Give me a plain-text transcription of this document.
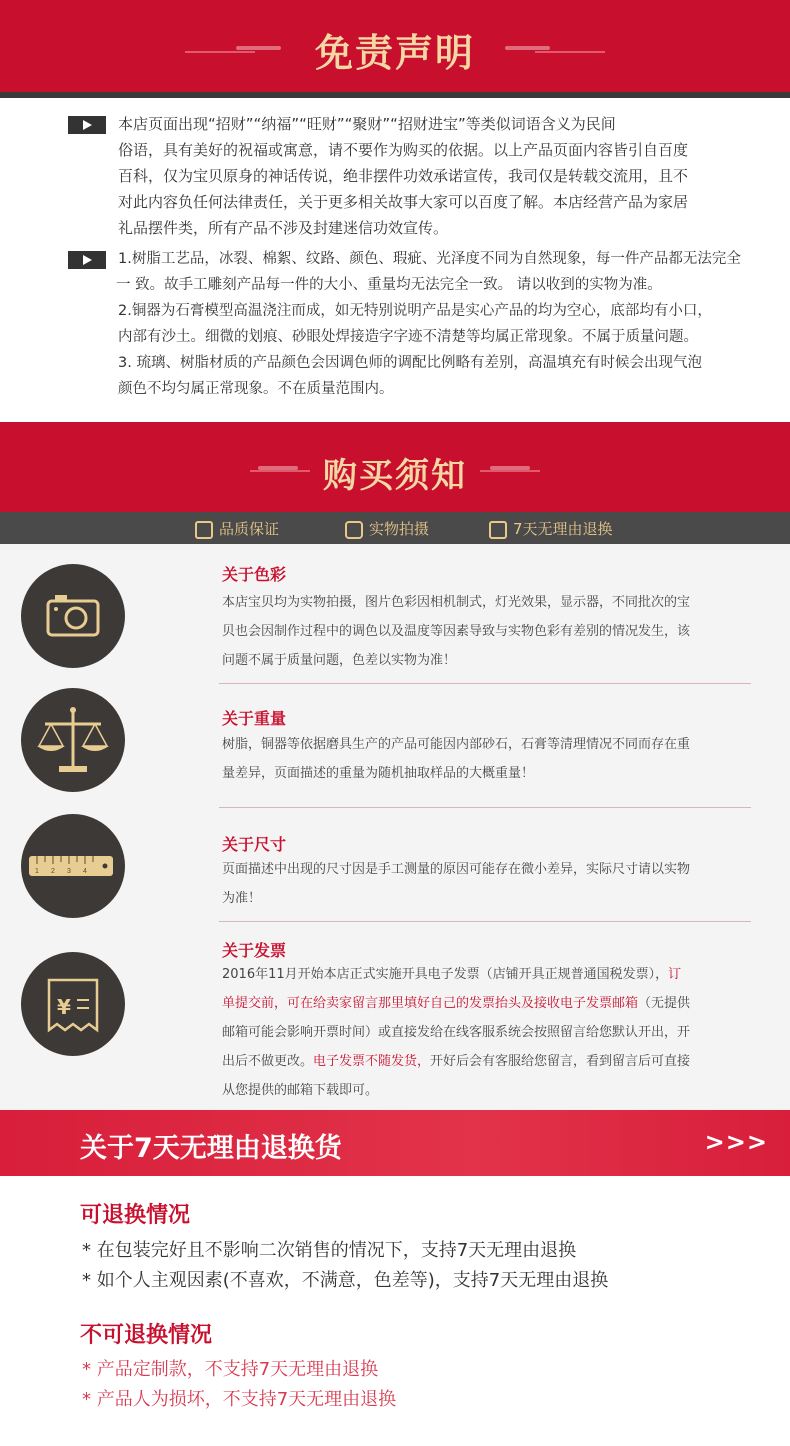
免责声明
本店页面出现“招财”“纳福”“旺财”“聚财”“招财进宝”等类似词语含义为民间
俗语，具有美好的祝福或寓意，请不要作为购买的依据。以上产品页面内容皆引自百度
百科，仅为宝贝原身的神话传说，绝非摆件功效承诺宣传，我司仅是转载交流用，且不
对此内容负任何法律责任，关于更多相关故事大家可以百度了解。本店经营产品为家居
礼品摆件类，所有产品不涉及封建迷信功效宣传。
1.树脂工艺品，冰裂、棉絮、纹路、颜色、瑕疵、光泽度不同为自然现象，每一件产品都无法完全
一 致。故手工雕刻产品每一件的大小、重量均无法完全一致。 请以收到的实物为准。
2.铜器为石膏模型高温浇注而成，如无特别说明产品是实心产品的均为空心，底部均有小口，
内部有沙土。细微的划痕、砂眼处焊接造字字迹不清楚等均属正常现象。不属于质量问题。
3. 琉璃、树脂材质的产品颜色会因调色师的调配比例略有差别，高温填充有时候会出现气泡
颜色不均匀属正常现象。不在质量范围内。
购买须知
品质保证	实物拍摄	7天无理由退换
关于色彩
本店宝贝均为实物拍摄，图片色彩因相机制式，灯光效果，显示器，不同批次的宝
贝也会因制作过程中的调色以及温度等因素导致与实物色彩有差别的情况发生，该
问题不属于质量问题，色差以实物为准！
关于重量
树脂，铜器等依据磨具生产的产品可能因内部砂石，石膏等清理情况不同而存在重
量差异，页面描述的重量为随机抽取样品的大概重量！
1 2 3 4
关于尺寸
页面描述中出现的尺寸因是手工测量的原因可能存在微小差异，实际尺寸请以实物
为准！
¥
关于发票
2016年11月开始本店正式实施开具电子发票（店铺开具正规普通国税发票），订
单提交前，可在给卖家留言那里填好自己的发票抬头及接收电子发票邮箱（无提供
邮箱可能会影响开票时间）或直接发给在线客服系统会按照留言给您默认开出，开
出后不做更改。电子发票不随发货，开好后会有客服给您留言，看到留言后可直接
从您提供的邮箱下载即可。
关于7天无理由退换货	>>>
可退换情况
* 在包装完好且不影响二次销售的情况下，支持7天无理由退换
* 如个人主观因素(不喜欢，不满意，色差等)，支持7天无理由退换
不可退换情况
* 产品定制款，不支持7天无理由退换
* 产品人为损坏，不支持7天无理由退换
